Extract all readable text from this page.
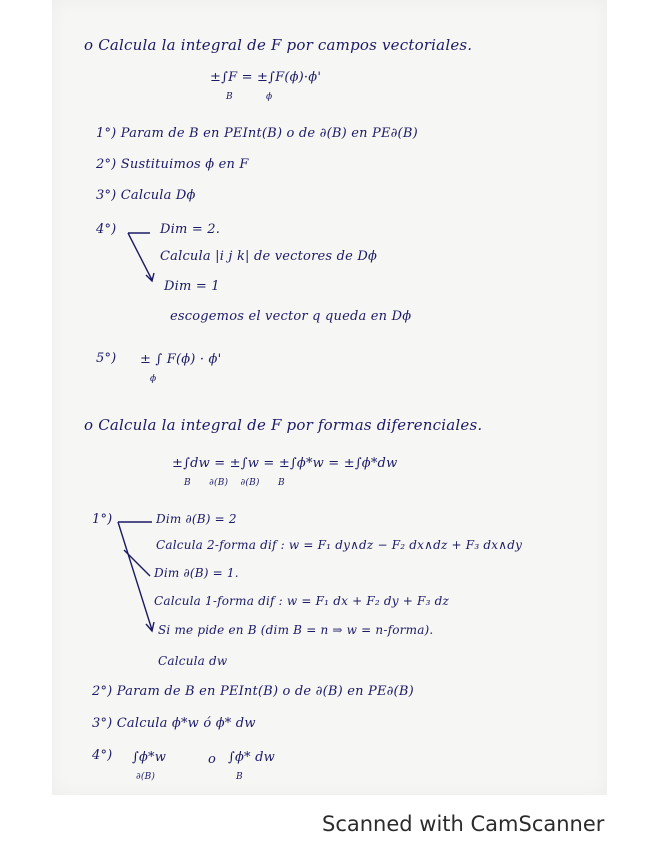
o Calcula la integral de F por campos vectoriales.
±∫F = ±∫F(ϕ)·ϕ'
B	ϕ
1°) Param de B en PEInt(B) o de ∂(B) en PE∂(B)
2°) Sustituimos ϕ en F
3°) Calcula Dϕ
4°)	Dim = 2.
Calcula |i j k| de vectores de Dϕ
Dim = 1
escogemos el vector q queda en Dϕ
5°) ± ∫ F(ϕ) · ϕ'
ϕ
o Calcula la integral de F por formas diferenciales.
±∫dw = ±∫w = ±∫ϕ*w = ±∫ϕ*dw
B      ∂(B)    ∂(B)      B
1°)	Dim ∂(B) = 2
Calcula 2-forma dif : w = F₁ dy∧dz − F₂ dx∧dz + F₃ dx∧dy
Dim ∂(B) = 1.
Calcula 1-forma dif : w = F₁ dx + F₂ dy + F₃ dz
Si me pide en B (dim B = n ⇒ w = n-forma).
Calcula dw
2°) Param de B en PEInt(B) o de ∂(B) en PE∂(B)
3°) Calcula ϕ*w ó ϕ* dw
4°) ∫ϕ*w
∂(B)
o ∫ϕ* dw
B
Scanned with CamScanner
